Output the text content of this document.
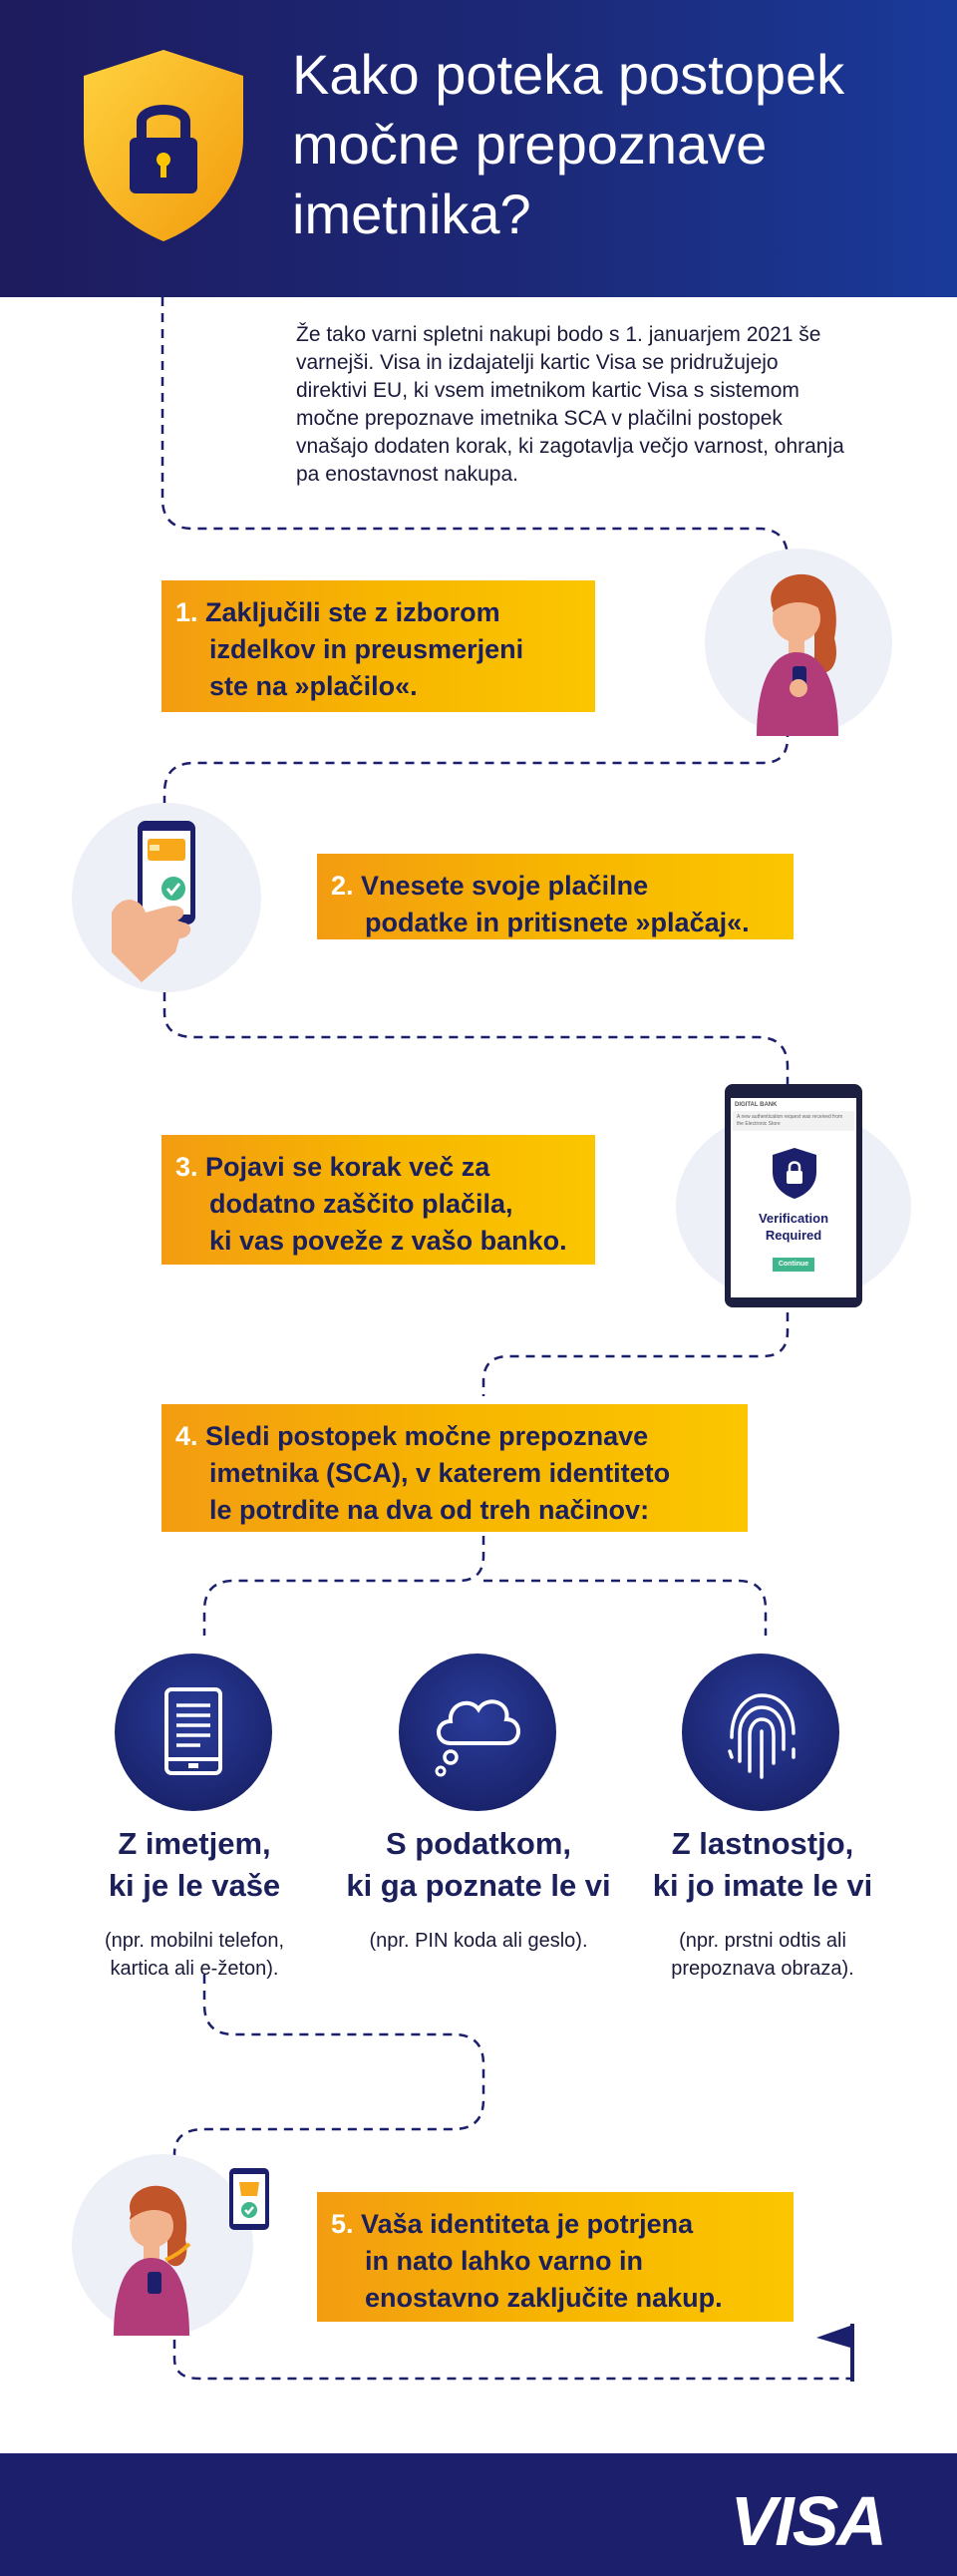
Kako poteka postopek
močne prepoznave
imetnika?
Že tako varni spletni nakupi bodo s 1. januarjem 2021 še varnejši. Visa in izdajatelji kartic Visa se pridružujejo direktivi EU, ki vsem imetnikom kartic Visa s sistemom močne prepoznave imetnika SCA v plačilni postopek vnašajo dodaten korak, ki zagotavlja večjo varnost, ohranja pa enostavnost nakupa.
1. Zaključili ste z izborom
izdelkov in preusmerjeni
ste na »plačilo«.
2. Vnesete svoje plačilne
podatke in pritisnete »plačaj«.
3. Pojavi se korak več za
dodatno zaščito plačila,
ki vas poveže z vašo banko.
DIGITAL BANK
A new authentication request was received from the Electronic Store
Verification
Required
Continue
4. Sledi postopek močne prepoznave
imetnika (SCA), v katerem identiteto
le potrdite na dva od treh načinov:
Z imetjem,
ki je le vaše
S podatkom,
ki ga poznate le vi
Z lastnostjo,
ki jo imate le vi
(npr. mobilni telefon,
kartica ali e-žeton).
(npr. PIN koda ali geslo).	(npr. prstni odtis ali
prepoznava obraza).
5. Vaša identiteta je potrjena
in nato lahko varno in
enostavno zaključite nakup.
VISA
